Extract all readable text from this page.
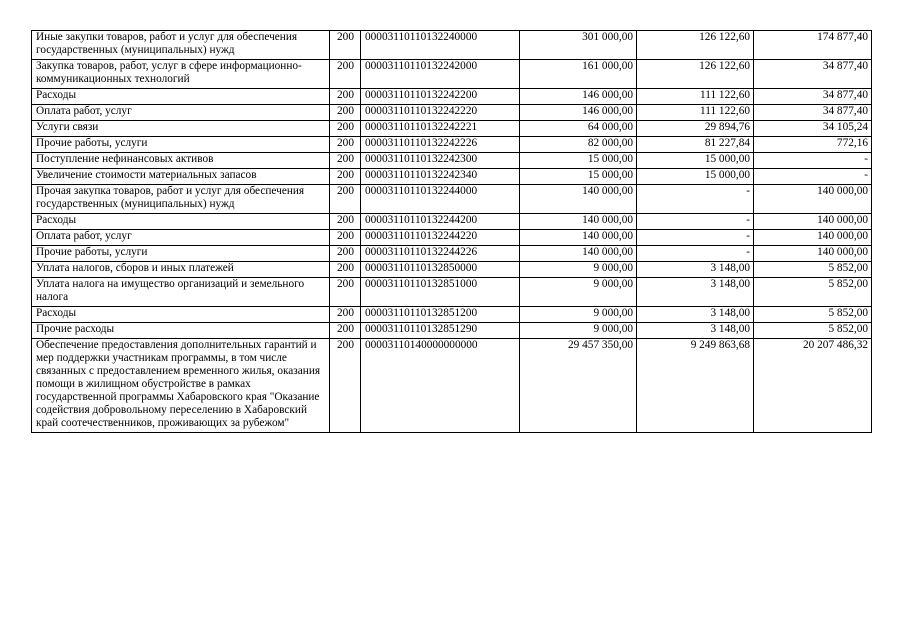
Иные закупки товаров, работ и услуг для обеспечения государственных (муниципальных) нужд	200	00003110110132240000	301 000,00	126 122,60	174 877,40
Закупка товаров, работ, услуг в сфере информационно-коммуникационных технологий	200	00003110110132242000	161 000,00	126 122,60	34 877,40
Расходы	200	00003110110132242200	146 000,00	111 122,60	34 877,40
Оплата работ, услуг	200	00003110110132242220	146 000,00	111 122,60	34 877,40
Услуги связи	200	00003110110132242221	64 000,00	29 894,76	34 105,24
Прочие работы, услуги	200	00003110110132242226	82 000,00	81 227,84	772,16
Поступление нефинансовых активов	200	00003110110132242300	15 000,00	15 000,00	-
Увеличение стоимости материальных запасов	200	00003110110132242340	15 000,00	15 000,00	-
Прочая закупка товаров, работ и услуг для обеспечения государственных (муниципальных) нужд	200	00003110110132244000	140 000,00	-	140 000,00
Расходы	200	00003110110132244200	140 000,00	-	140 000,00
Оплата работ, услуг	200	00003110110132244220	140 000,00	-	140 000,00
Прочие работы, услуги	200	00003110110132244226	140 000,00	-	140 000,00
Уплата налогов, сборов и иных платежей	200	00003110110132850000	9 000,00	3 148,00	5 852,00
Уплата налога на имущество организаций и земельного налога	200	00003110110132851000	9 000,00	3 148,00	5 852,00
Расходы	200	00003110110132851200	9 000,00	3 148,00	5 852,00
Прочие расходы	200	00003110110132851290	9 000,00	3 148,00	5 852,00
Обеспечение предоставления дополнительных гарантий и мер поддержки участникам программы, в том числе связанных с предоставлением временного жилья, оказания помощи в жилищном обустройстве в рамках государственной программы Хабаровского края "Оказание содействия добровольному переселению в Хабаровский край соотечественников, проживающих за рубежом"	200	00003110140000000000	29 457 350,00	9 249 863,68	20 207 486,32
